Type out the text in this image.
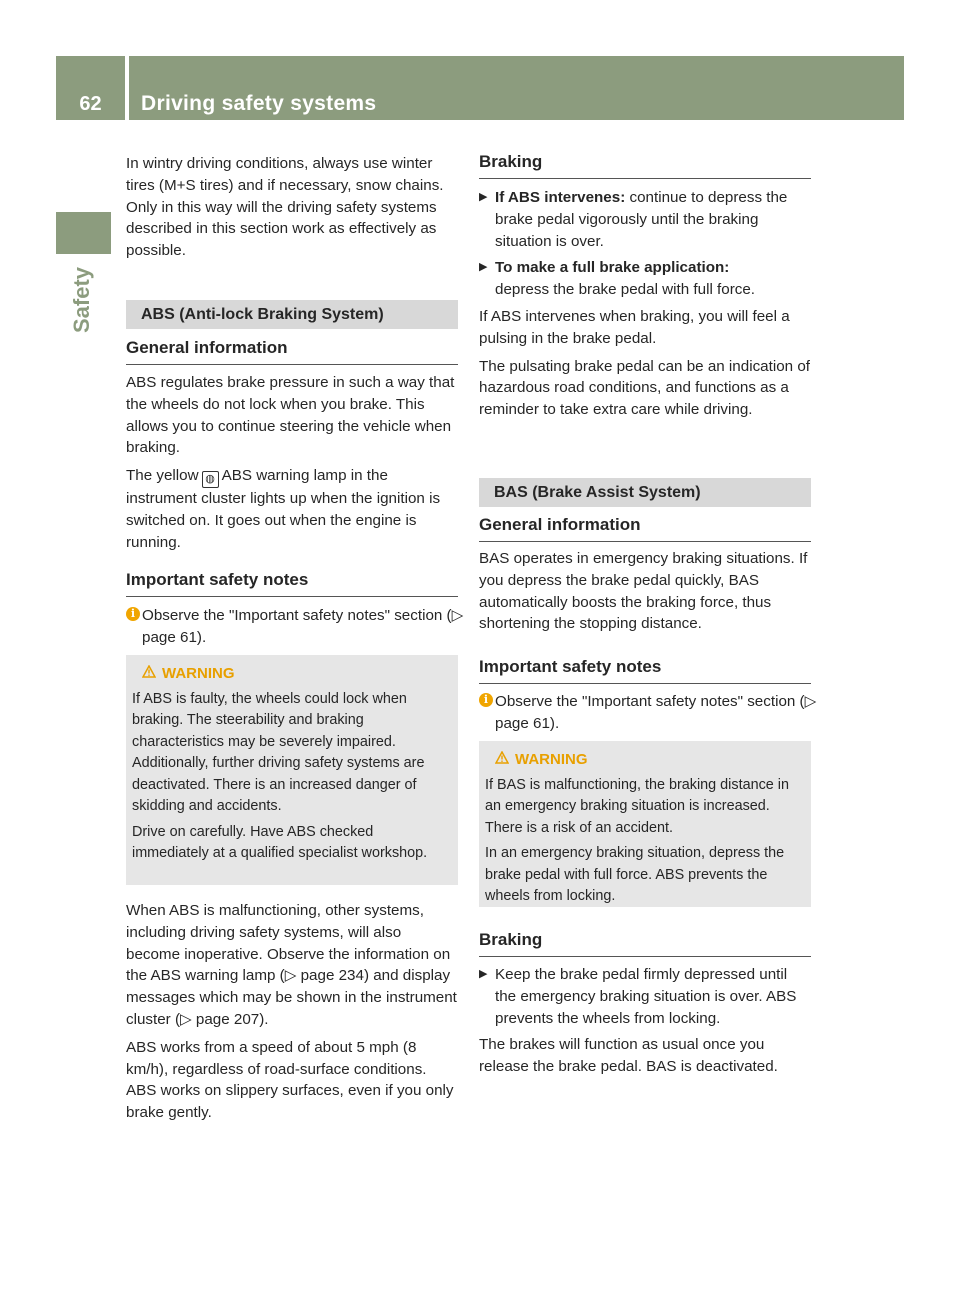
62	Driving safety systems
Safety

In wintry driving conditions, always use winter tires (M+S tires) and if necessary, snow chains. Only in this way will the driving safety systems described in this section work as effectively as possible.

ABS (Anti-lock Braking System)
General information

ABS regulates brake pressure in such a way that the wheels do not lock when you brake. This allows you to continue steering the vehicle when braking.

The yellow ◍ ABS warning lamp in the instrument cluster lights up when the ignition is switched on. It goes out when the engine is running.

Important safety notes
i Observe the "Important safety notes" section (▷ page 61).
WARNING

If ABS is faulty, the wheels could lock when braking. The steerability and braking characteristics may be severely impaired. Additionally, further driving safety systems are deactivated. There is an increased danger of skidding and accidents.

Drive on carefully. Have ABS checked immediately at a qualified specialist workshop.

When ABS is malfunctioning, other systems, including driving safety systems, will also become inoperative. Observe the information on the ABS warning lamp (▷ page 234) and display messages which may be shown in the instrument cluster (▷ page 207).

ABS works from a speed of about 5 mph (8 km/h), regardless of road-surface conditions. ABS works on slippery surfaces, even if you only brake gently.

Braking
▶ If ABS intervenes: continue to depress the brake pedal vigorously until the braking situation is over.
▶ To make a full brake application:
depress the brake pedal with full force.

If ABS intervenes when braking, you will feel a pulsing in the brake pedal.

The pulsating brake pedal can be an indication of hazardous road conditions, and functions as a reminder to take extra care while driving.

BAS (Brake Assist System)
General information

BAS operates in emergency braking situations. If you depress the brake pedal quickly, BAS automatically boosts the braking force, thus shortening the stopping distance.

Important safety notes
i Observe the "Important safety notes" section (▷ page 61).
WARNING

If BAS is malfunctioning, the braking distance in an emergency braking situation is increased. There is a risk of an accident.

In an emergency braking situation, depress the brake pedal with full force. ABS prevents the wheels from locking.

Braking
▶ Keep the brake pedal firmly depressed until the emergency braking situation is over. ABS prevents the wheels from locking.

The brakes will function as usual once you release the brake pedal. BAS is deactivated.
